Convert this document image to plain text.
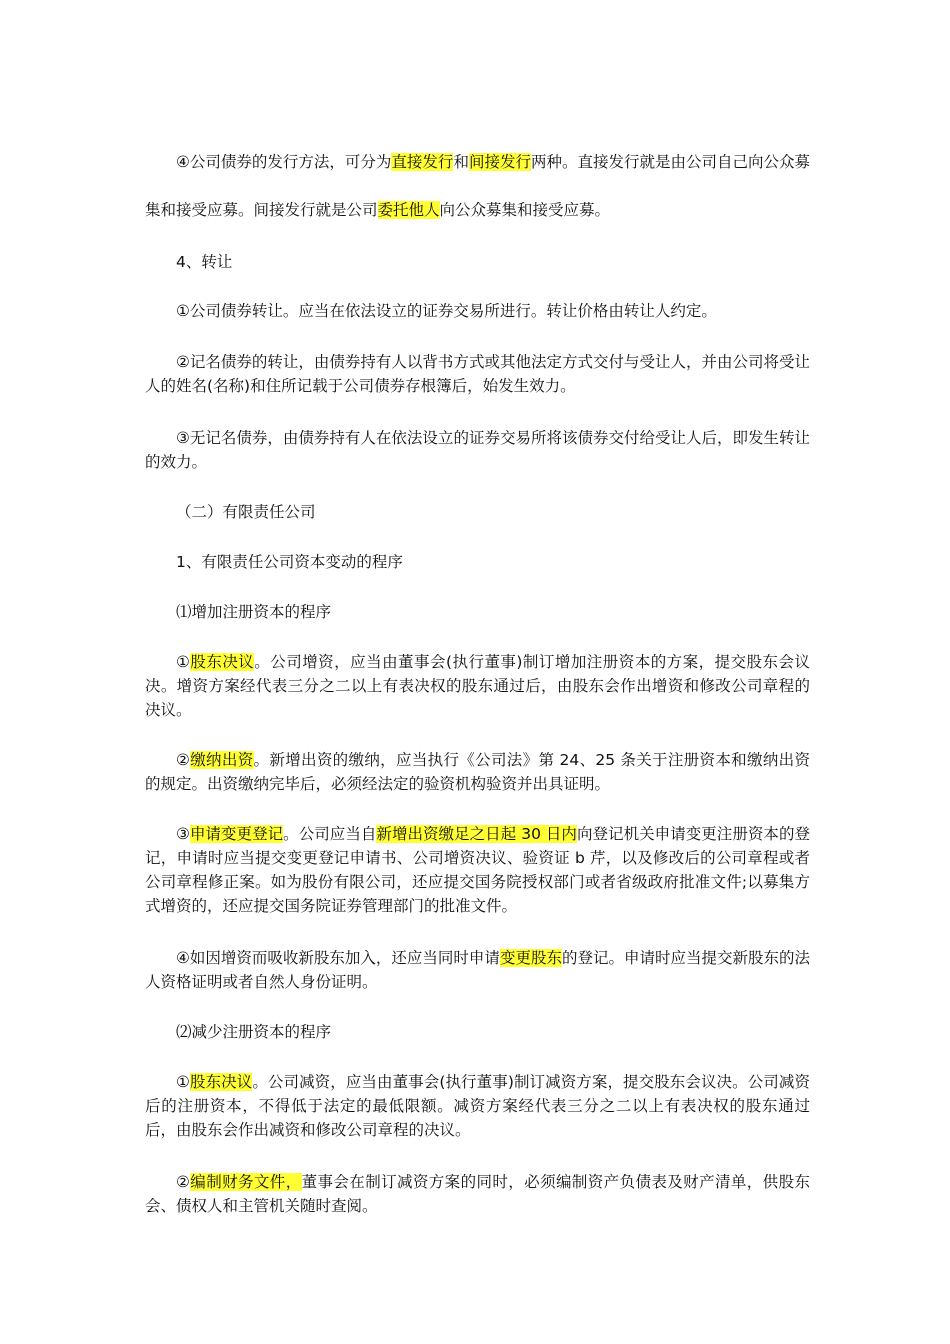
④公司债券的发行方法，可分为直接发行和间接发行两种。直接发行就是由公司自己向公众募集和接受应募。间接发行就是公司委托他人向公众募集和接受应募。

4、转让

①公司债券转让。应当在依法设立的证券交易所进行。转让价格由转让人约定。

②记名债券的转让，由债券持有人以背书方式或其他法定方式交付与受让人，并由公司将受让人的姓名(名称)和住所记载于公司债券存根簿后，始发生效力。

③无记名债券，由债券持有人在依法设立的证券交易所将该债券交付给受让人后，即发生转让的效力。

（二）有限责任公司

1、有限责任公司资本变动的程序

⑴增加注册资本的程序

①股东决议。公司增资，应当由董事会(执行董事)制订增加注册资本的方案，提交股东会议决。增资方案经代表三分之二以上有表决权的股东通过后，由股东会作出增资和修改公司章程的决议。

②缴纳出资。新增出资的缴纳，应当执行《公司法》第 24、25 条关于注册资本和缴纳出资的规定。出资缴纳完毕后，必须经法定的验资机构验资并出具证明。

③申请变更登记。公司应当自新增出资缴足之日起 30 日内向登记机关申请变更注册资本的登记，申请时应当提交变更登记申请书、公司增资决议、验资证 b 芹，以及修改后的公司章程或者公司章程修正案。如为股份有限公司，还应提交国务院授权部门或者省级政府批准文件;以募集方式增资的，还应提交国务院证券管理部门的批准文件。

④如因增资而吸收新股东加入，还应当同时申请变更股东的登记。申请时应当提交新股东的法人资格证明或者自然人身份证明。

⑵减少注册资本的程序

①股东决议。公司减资，应当由董事会(执行董事)制订减资方案，提交股东会议决。公司减资后的注册资本，不得低于法定的最低限额。减资方案经代表三分之二以上有表决权的股东通过后，由股东会作出减资和修改公司章程的决议。

②编制财务文件，董事会在制订减资方案的同时，必须编制资产负债表及财产清单，供股东会、债权人和主管机关随时查阅。
